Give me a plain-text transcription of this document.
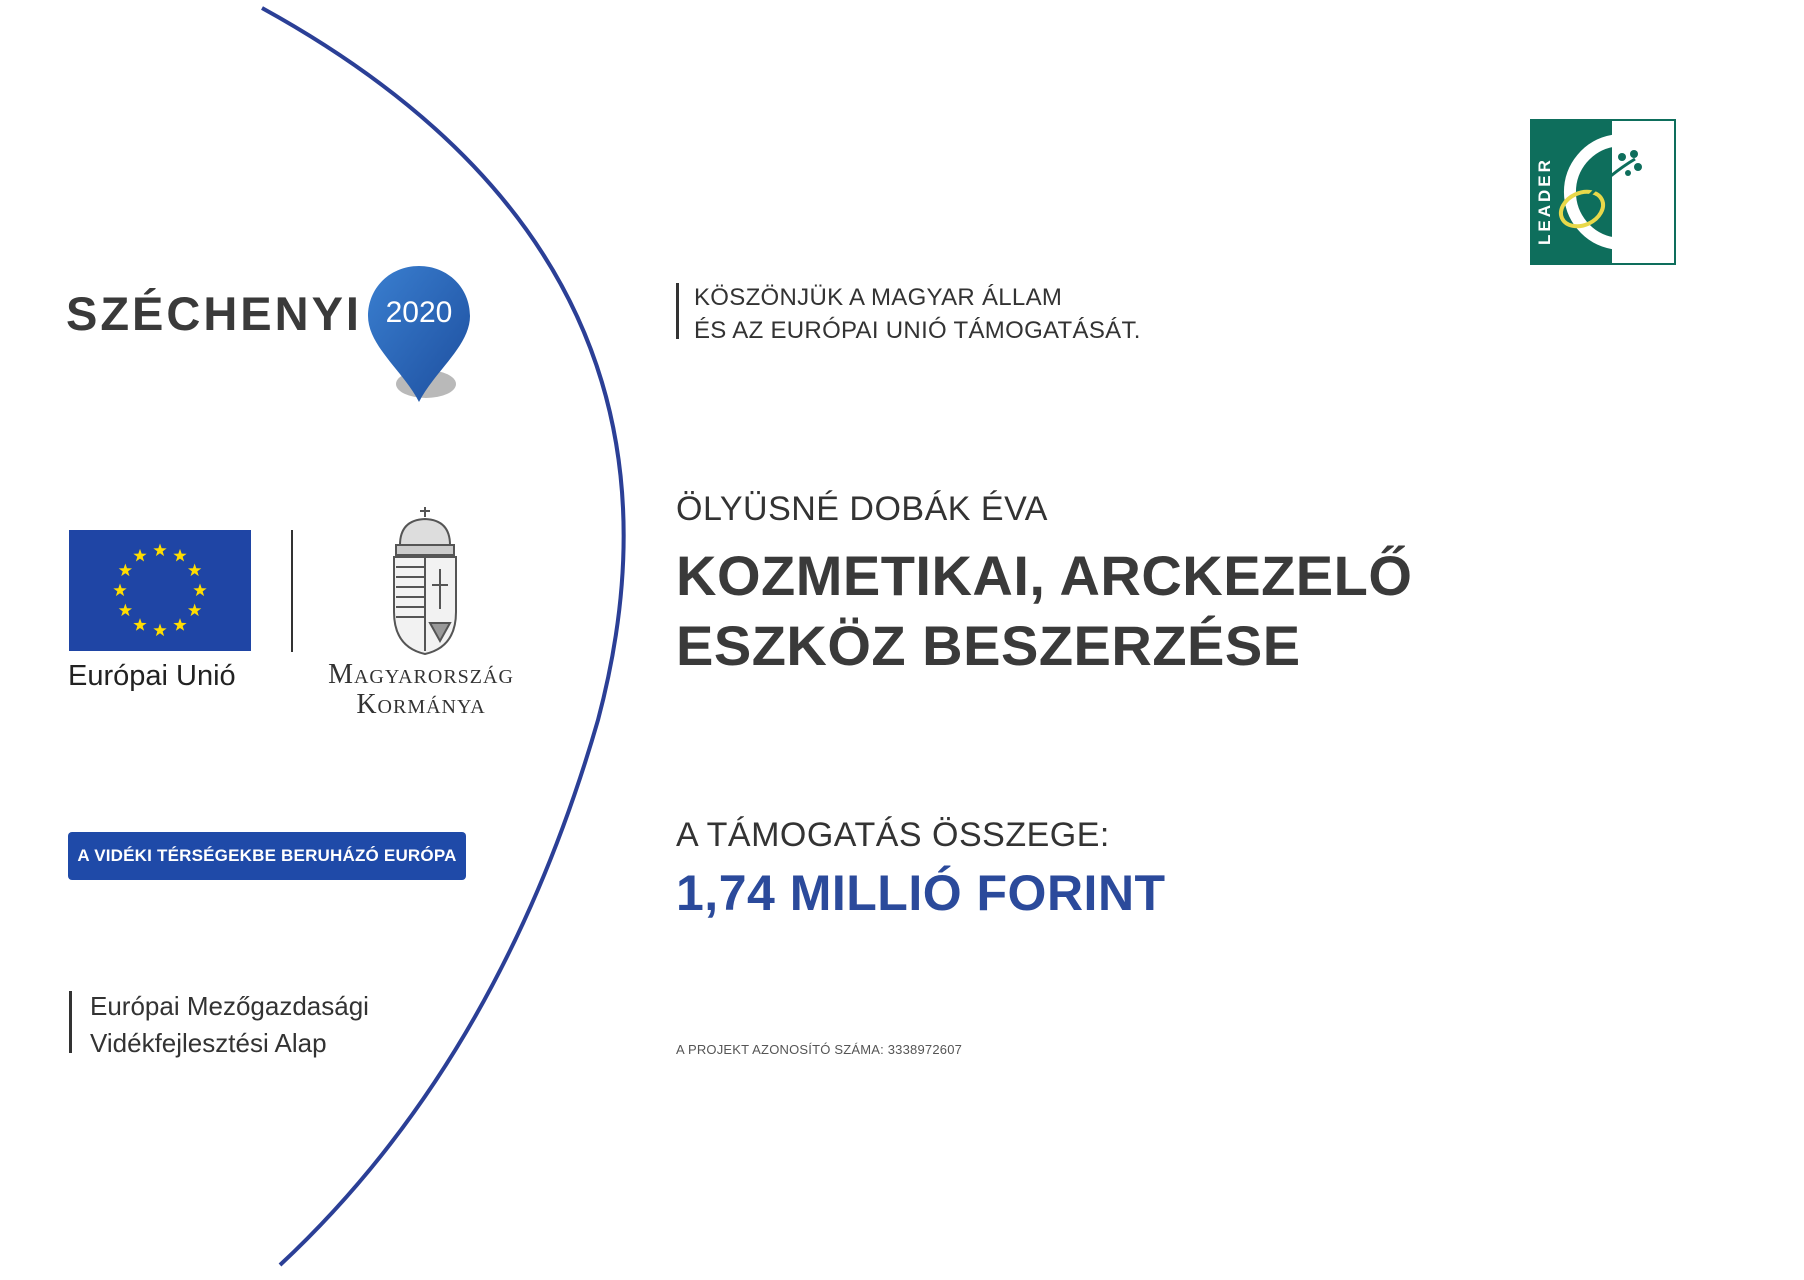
SZÉCHENYI 2020
Európai Unió	Magyarország
Kormánya
A VIDÉKI TÉRSÉGEKBE BERUHÁZÓ EURÓPA
Európai Mezőgazdasági
Vidékfejlesztési Alap
LEADER
KÖSZÖNJÜK A MAGYAR ÁLLAM
ÉS AZ EURÓPAI UNIÓ TÁMOGATÁSÁT.
ÖLYÜSNÉ DOBÁK ÉVA
KOZMETIKAI, ARCKEZELŐ
ESZKÖZ BESZERZÉSE
A TÁMOGATÁS ÖSSZEGE:
1,74 MILLIÓ FORINT
A PROJEKT AZONOSÍTÓ SZÁMA: 3338972607
